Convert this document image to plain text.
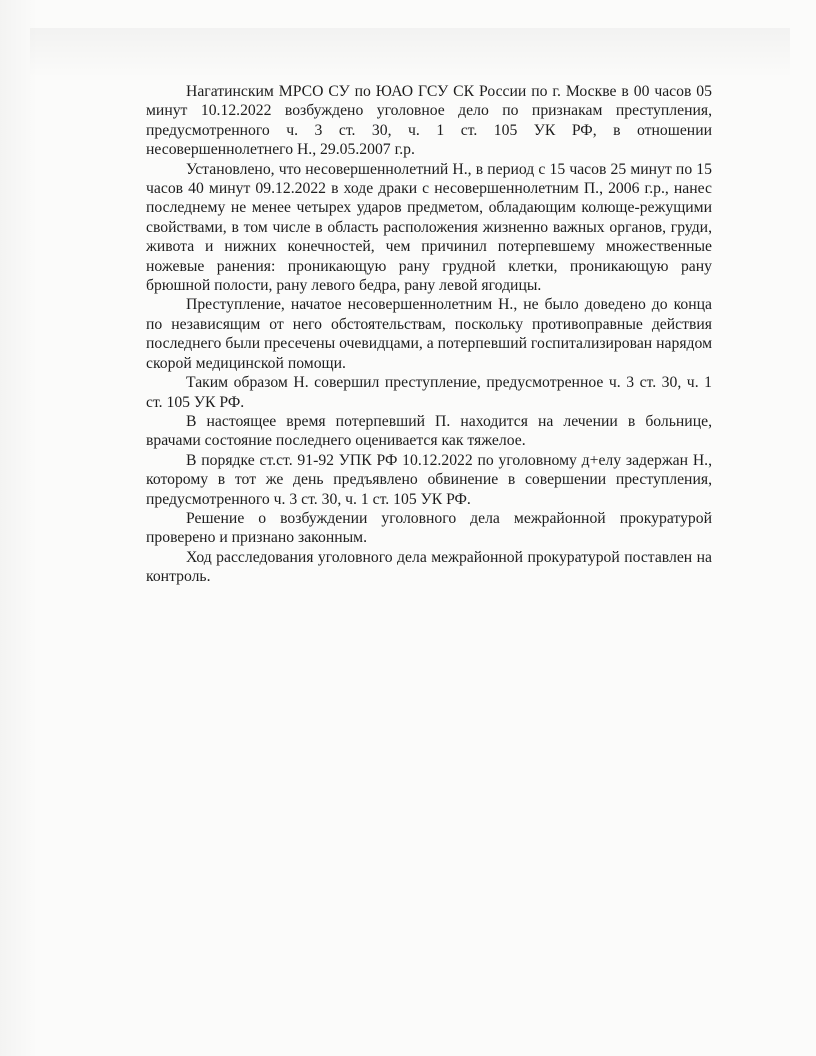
Нагатинским МРСО СУ по ЮАО ГСУ СК России по г. Москве в 00 часов 05 минут 10.12.2022 возбуждено уголовное дело по признакам преступления, предусмотренного ч. 3 ст. 30, ч. 1 ст. 105 УК РФ, в отношении несовершеннолетнего Н., 29.05.2007 г.р.

Установлено, что несовершеннолетний Н., в период с 15 часов 25 минут по 15 часов 40 минут 09.12.2022 в ходе драки с несовершеннолетним П., 2006 г.р., нанес последнему не менее четырех ударов предметом, обладающим колюще-режущими свойствами, в том числе в область расположения жизненно важных органов, груди, живота и нижних конечностей, чем причинил потерпевшему множественные ножевые ранения: проникающую рану грудной клетки, проникающую рану брюшной полости, рану левого бедра, рану левой ягодицы.

Преступление, начатое несовершеннолетним Н., не было доведено до конца по независящим от него обстоятельствам, поскольку противоправные действия последнего были пресечены очевидцами, а потерпевший госпитализирован нарядом скорой медицинской помощи.

Таким образом Н. совершил преступление, предусмотренное ч. 3 ст. 30, ч. 1 ст. 105 УК РФ.

В настоящее время потерпевший П. находится на лечении в больнице, врачами состояние последнего оценивается как тяжелое.

В порядке ст.ст. 91-92 УПК РФ 10.12.2022 по уголовному д+елу задержан Н., которому в тот же день предъявлено обвинение в совершении преступления, предусмотренного ч. 3 ст. 30, ч. 1 ст. 105 УК РФ.

Решение о возбуждении уголовного дела межрайонной прокуратурой проверено и признано законным.

Ход расследования уголовного дела межрайонной прокуратурой поставлен на контроль.
